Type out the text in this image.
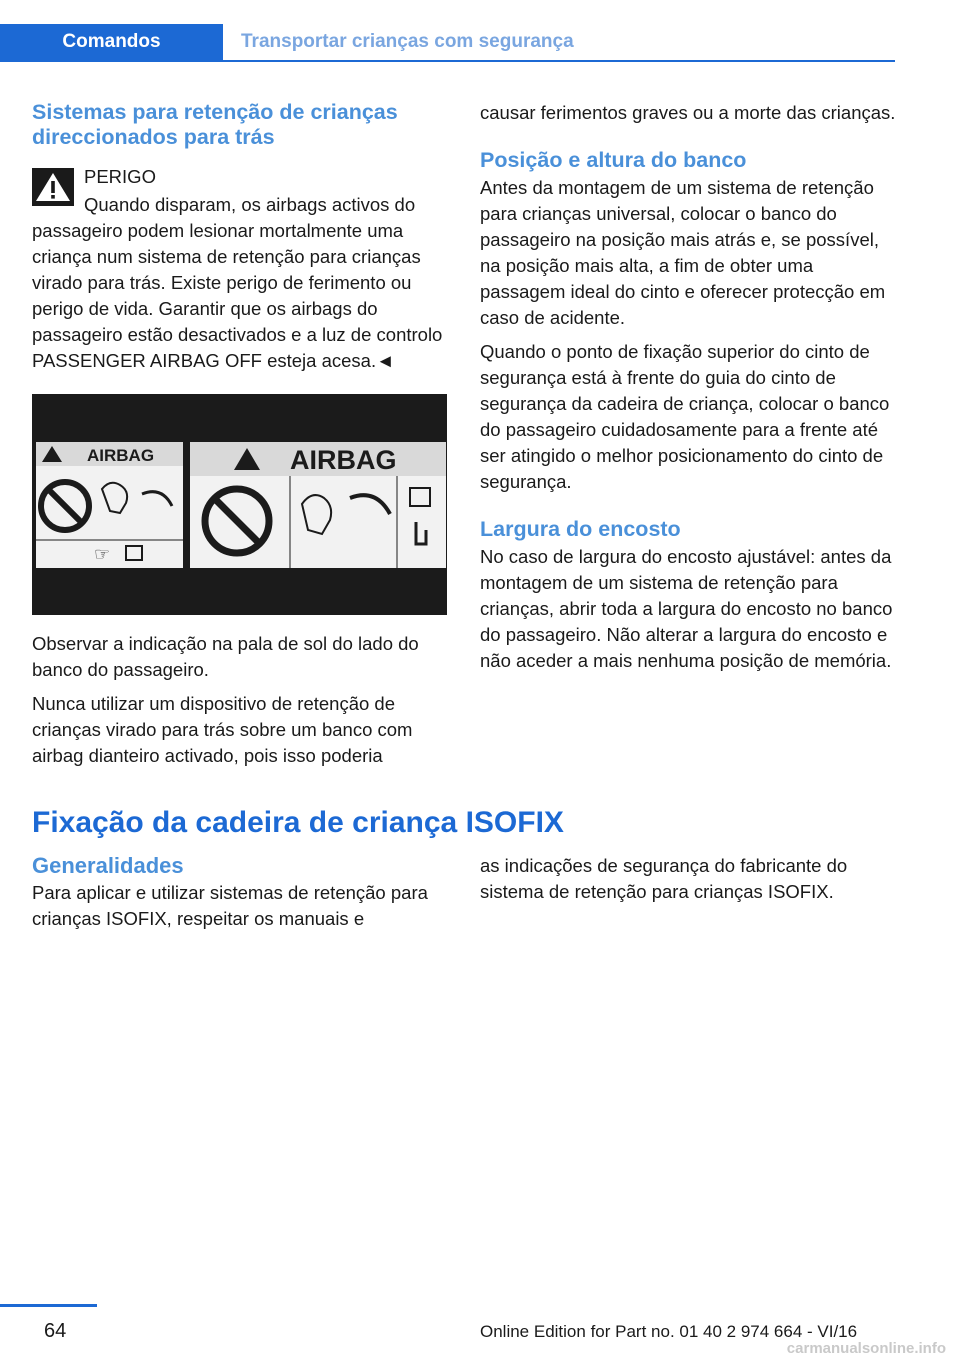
Comandos	Transportar crianças com segurança
Sistemas para retenção de crianças direccionados para trás

PERIGO

Quando disparam, os airbags activos do

passageiro podem lesionar mortalmente uma criança num sistema de retenção para crianças virado para trás. Existe perigo de ferimento ou perigo de vida. Garantir que os airbags do passageiro estão desactivados e a luz de controlo PASSENGER AIRBAG OFF esteja acesa.◄

AIRBAG
☞
AIRBAG

Observar a indicação na pala de sol do lado do banco do passageiro.

Nunca utilizar um dispositivo de retenção de crianças virado para trás sobre um banco com airbag dianteiro activado, pois isso poderia

causar ferimentos graves ou a morte das crianças.

Posição e altura do banco

Antes da montagem de um sistema de retenção para crianças universal, colocar o banco do passageiro na posição mais atrás e, se possível, na posição mais alta, a fim de obter uma passagem ideal do cinto e oferecer protecção em caso de acidente.

Quando o ponto de fixação superior do cinto de segurança está à frente do guia do cinto de segurança da cadeira de criança, colocar o banco do passageiro cuidadosamente para a frente até ser atingido o melhor posicionamento do cinto de segurança.

Largura do encosto

No caso de largura do encosto ajustável: antes da montagem de um sistema de retenção para crianças, abrir toda a largura do encosto no banco do passageiro. Não alterar a largura do encosto e não aceder a mais nenhuma posição de memória.

Fixação da cadeira de criança ISOFIX
Generalidades

Para aplicar e utilizar sistemas de retenção para crianças ISOFIX, respeitar os manuais e

as indicações de segurança do fabricante do sistema de retenção para crianças ISOFIX.

64	Online Edition for Part no. 01 40 2 974 664 - VI/16
carmanualsonline.info
